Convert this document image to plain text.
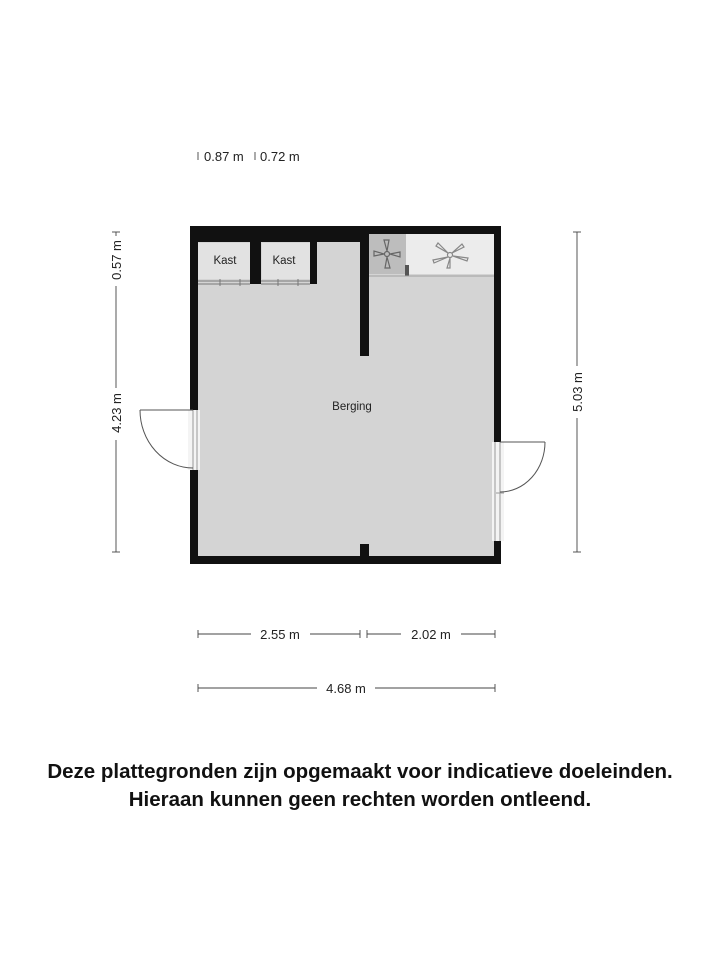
0.87 m 0.72 m
Kast	Kast
Berging
0.57 m
4.23 m
5.03 m
2.55 m	2.02 m
4.68 m
Deze plattegronden zijn opgemaakt voor indicatieve doeleinden.
Hieraan kunnen geen rechten worden ontleend.
